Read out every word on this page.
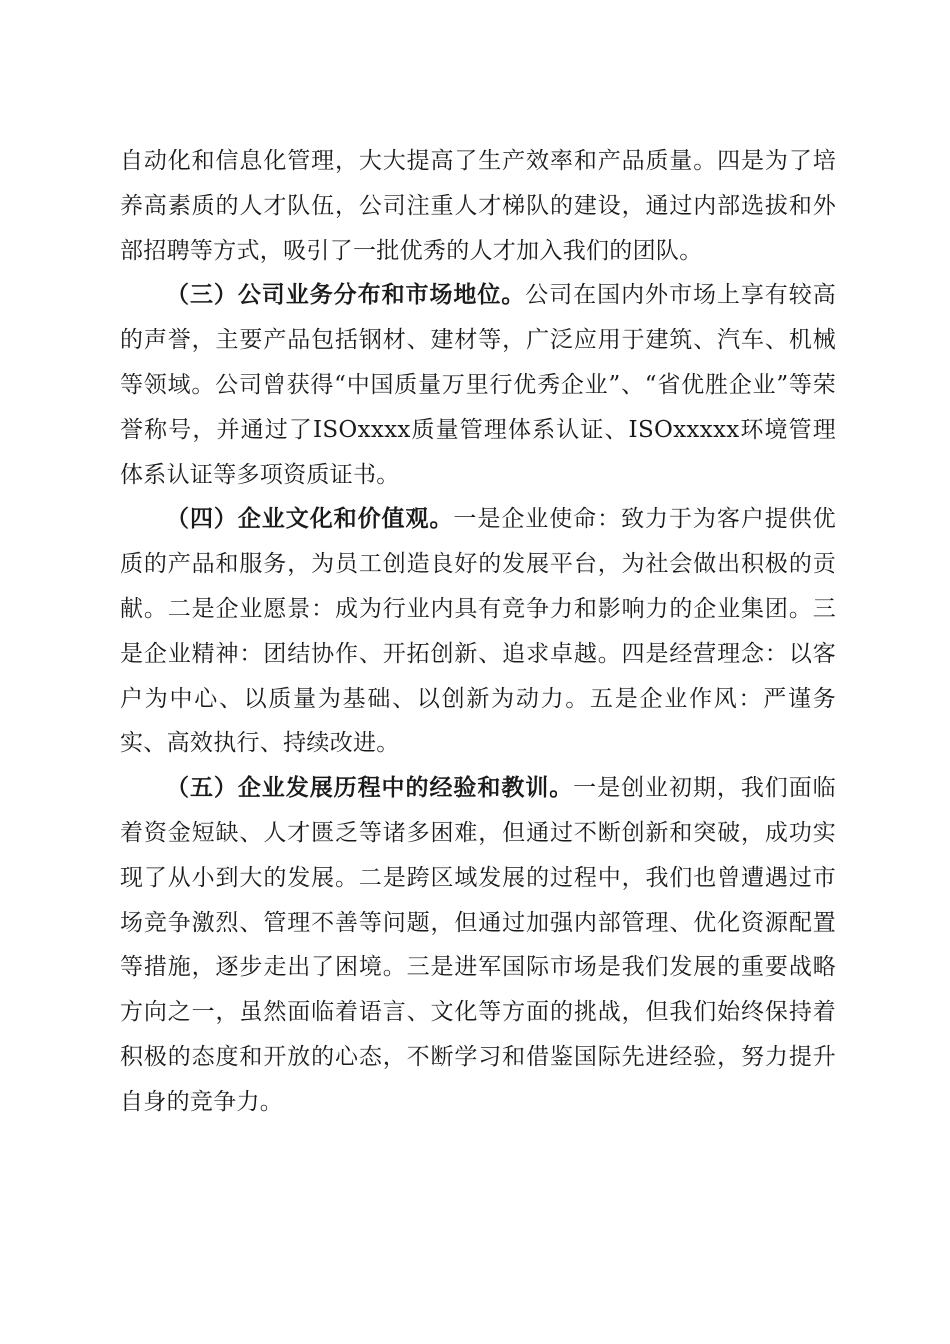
自动化和信息化管理，大大提高了生产效率和产品质量。四是为了培养高素质的人才队伍，公司注重人才梯队的建设，通过内部选拔和外部招聘等方式，吸引了一批优秀的人才加入我们的团队。

（三）公司业务分布和市场地位。公司在国内外市场上享有较高的声誉，主要产品包括钢材、建材等，广泛应用于建筑、汽车、机械等领域。公司曾获得“中国质量万里行优秀企业”、“省优胜企业”等荣誉称号，并通过了ISOxxxx质量管理体系认证、ISOxxxxx环境管理体系认证等多项资质证书。

（四）企业文化和价值观。一是企业使命：致力于为客户提供优质的产品和服务，为员工创造良好的发展平台，为社会做出积极的贡献。二是企业愿景：成为行业内具有竞争力和影响力的企业集团。三是企业精神：团结协作、开拓创新、追求卓越。四是经营理念：以客户为中心、以质量为基础、以创新为动力。五是企业作风：严谨务实、高效执行、持续改进。

（五）企业发展历程中的经验和教训。一是创业初期，我们面临着资金短缺、人才匮乏等诸多困难，但通过不断创新和突破，成功实现了从小到大的发展。二是跨区域发展的过程中，我们也曾遭遇过市场竞争激烈、管理不善等问题，但通过加强内部管理、优化资源配置等措施，逐步走出了困境。三是进军国际市场是我们发展的重要战略方向之一，虽然面临着语言、文化等方面的挑战，但我们始终保持着积极的态度和开放的心态，不断学习和借鉴国际先进经验，努力提升自身的竞争力。
